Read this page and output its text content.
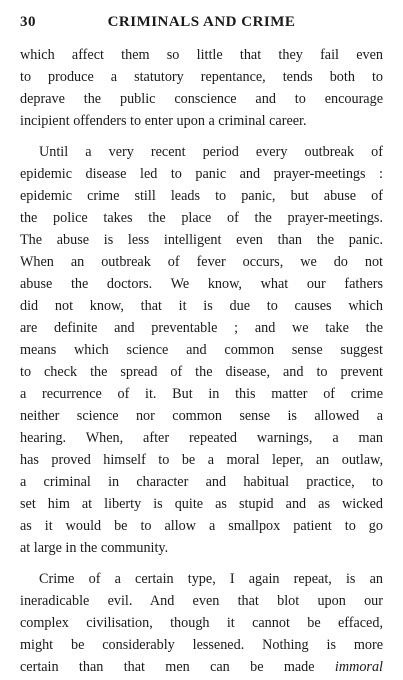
30	CRIMINALS AND CRIME
which affect them so little that they fail even
to produce a statutory repentance, tends both to
deprave the public conscience and to encourage
incipient offenders to enter upon a criminal career.
Until a very recent period every outbreak of
epidemic disease led to panic and prayer-meetings :
epidemic crime still leads to panic, but abuse of
the police takes the place of the prayer-meetings.
The abuse is less intelligent even than the panic.
When an outbreak of fever occurs, we do not
abuse the doctors. We know, what our fathers
did not know, that it is due to causes which
are definite and preventable ; and we take the
means which science and common sense suggest
to check the spread of the disease, and to prevent
a recurrence of it. But in this matter of crime
neither science nor common sense is allowed a
hearing. When, after repeated warnings, a man
has proved himself to be a moral leper, an outlaw,
a criminal in character and habitual practice, to
set him at liberty is quite as stupid and as wicked
as it would be to allow a smallpox patient to go
at large in the community.
Crime of a certain type, I again repeat, is an
ineradicable evil. And even that blot upon our
complex civilisation, though it cannot be effaced,
might be considerably lessened. Nothing is more
certain than that men can be made immoral
